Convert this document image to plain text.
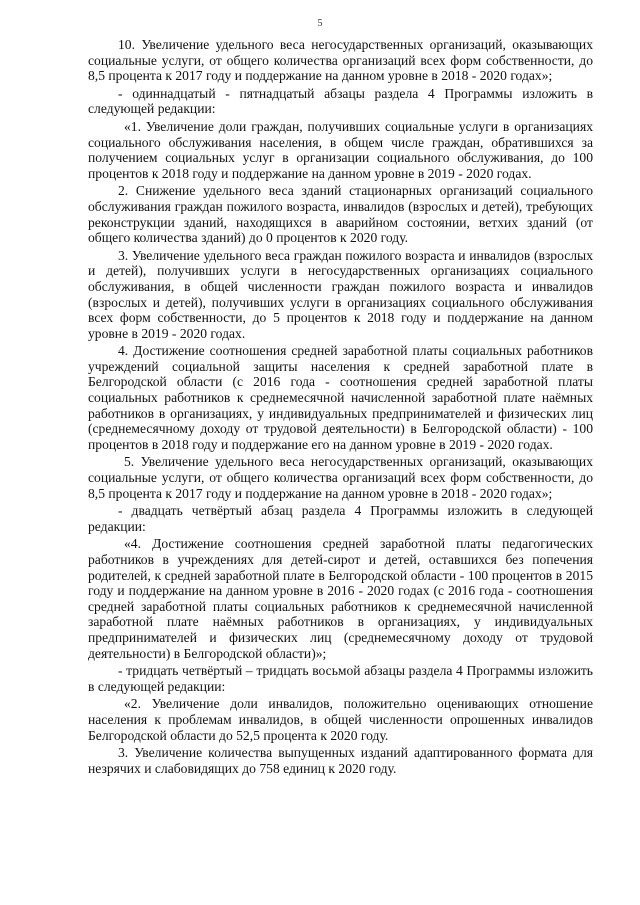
5

10. Увеличение удельного веса негосударственных организаций, оказывающих социальные услуги, от общего количества организаций всех форм собственности, до 8,5 процента к 2017 году и поддержание на данном уровне в 2018 - 2020 годах»;

- одиннадцатый - пятнадцатый абзацы раздела 4 Программы изложить в следующей редакции:

«1. Увеличение доли граждан, получивших социальные услуги в организациях социального обслуживания населения, в общем числе граждан, обратившихся за получением социальных услуг в организации социального обслуживания, до 100 процентов к 2018 году и поддержание на данном уровне в 2019 - 2020 годах.

2. Снижение удельного веса зданий стационарных организаций социального обслуживания граждан пожилого возраста, инвалидов (взрослых и детей), требующих реконструкции зданий, находящихся в аварийном состоянии, ветхих зданий (от общего количества зданий) до 0 процентов к 2020 году.

3. Увеличение удельного веса граждан пожилого возраста и инвалидов (взрослых и детей), получивших услуги в негосударственных организациях социального обслуживания, в общей численности граждан пожилого возраста и инвалидов (взрослых и детей), получивших услуги в организациях социального обслуживания всех форм собственности, до 5 процентов к 2018 году и поддержание на данном уровне в 2019 - 2020 годах.

4. Достижение соотношения средней заработной платы социальных работников учреждений социальной защиты населения к средней заработной плате в Белгородской области (с 2016 года - соотношения средней заработной платы социальных работников к среднемесячной начисленной заработной плате наёмных работников в организациях, у индивидуальных предпринимателей и физических лиц (среднемесячному доходу от трудовой деятельности) в Белгородской области) - 100 процентов в 2018 году и поддержание его на данном уровне в 2019 - 2020 годах.

5. Увеличение удельного веса негосударственных организаций, оказывающих социальные услуги, от общего количества организаций всех форм собственности, до 8,5 процента к 2017 году и поддержание на данном уровне в 2018 - 2020 годах»;

- двадцать четвёртый абзац раздела 4 Программы изложить в следующей редакции:

«4. Достижение соотношения средней заработной платы педагогических работников в учреждениях для детей-сирот и детей, оставшихся без попечения родителей, к средней заработной плате в Белгородской области - 100 процентов в 2015 году и поддержание на данном уровне в 2016 - 2020 годах (с 2016 года - соотношения средней заработной платы социальных работников к среднемесячной начисленной заработной плате наёмных работников в организациях, у индивидуальных предпринимателей и физических лиц (среднемесячному доходу от трудовой деятельности) в Белгородской области)»;

- тридцать четвёртый – тридцать восьмой абзацы раздела 4 Программы изложить в следующей редакции:

«2. Увеличение доли инвалидов, положительно оценивающих отношение населения к проблемам инвалидов, в общей численности опрошенных инвалидов Белгородской области до 52,5 процента к 2020 году.

3. Увеличение количества выпущенных изданий адаптированного формата для незрячих и слабовидящих до 758 единиц к 2020 году.
